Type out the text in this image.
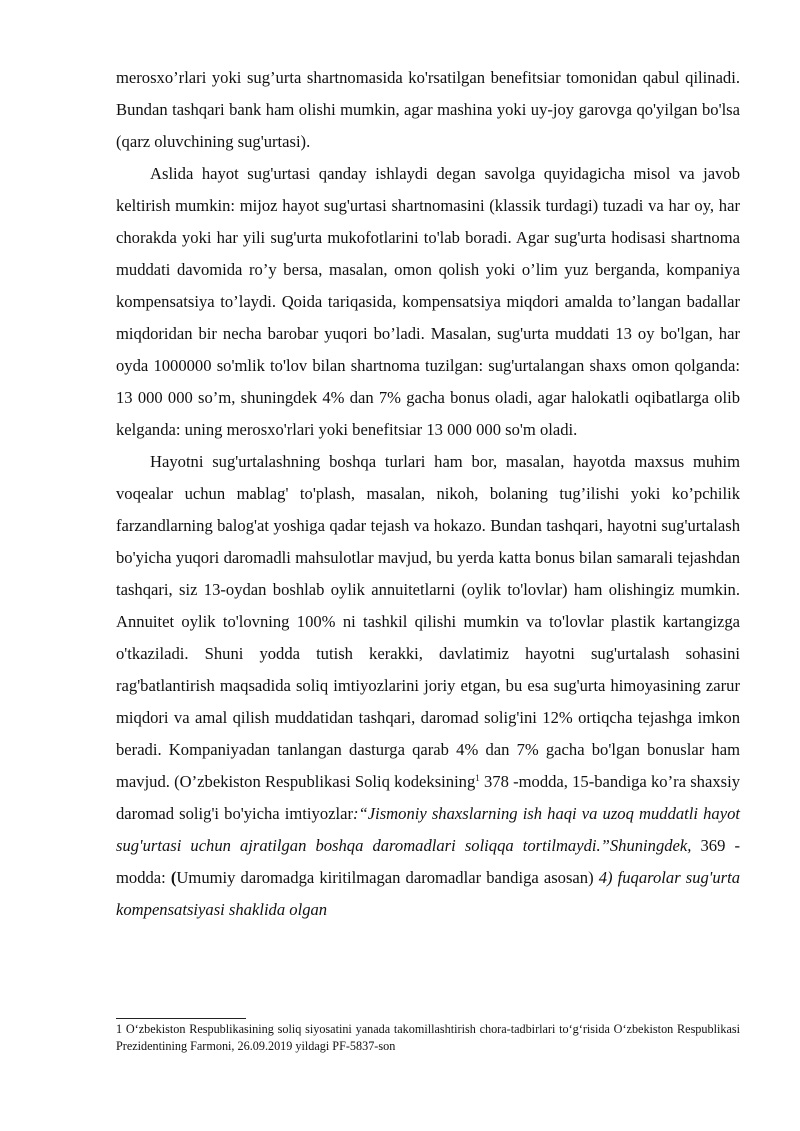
merosxo’rlari yoki sug’urta shartnomasida ko'rsatilgan benefitsiar tomonidan qabul qilinadi. Bundan tashqari bank ham olishi mumkin, agar mashina yoki uy-joy garovga qo'yilgan bo'lsa (qarz oluvchining sug'urtasi).

Aslida hayot sug'urtasi qanday ishlaydi degan savolga quyidagicha misol va javob keltirish mumkin: mijoz hayot sug'urtasi shartnomasini (klassik turdagi) tuzadi va har oy, har chorakda yoki har yili sug'urta mukofotlarini to'lab boradi. Agar sug'urta hodisasi shartnoma muddati davomida ro’y bersa, masalan, omon qolish yoki o’lim yuz berganda, kompaniya kompensatsiya to’laydi. Qoida tariqasida, kompensatsiya miqdori amalda to’langan badallar miqdoridan bir necha barobar yuqori bo’ladi. Masalan, sug'urta muddati 13 oy bo'lgan, har oyda 1000000 so'mlik to'lov bilan shartnoma tuzilgan: sug'urtalangan shaxs omon qolganda: 13 000 000 so’m, shuningdek 4% dan 7% gacha bonus oladi, agar halokatli oqibatlarga olib kelganda: uning merosxo'rlari yoki benefitsiar 13 000 000 so'm oladi.

Hayotni sug'urtalashning boshqa turlari ham bor, masalan, hayotda maxsus muhim voqealar uchun mablag' to'plash, masalan, nikoh, bolaning tug’ilishi yoki ko’pchilik farzandlarning balog'at yoshiga qadar tejash va hokazo. Bundan tashqari, hayotni sug'urtalash bo'yicha yuqori daromadli mahsulotlar mavjud, bu yerda katta bonus bilan samarali tejashdan tashqari, siz 13-oydan boshlab oylik annuitetlarni (oylik to'lovlar) ham olishingiz mumkin. Annuitet oylik to'lovning 100% ni tashkil qilishi mumkin va to'lovlar plastik kartangizga o'tkaziladi. Shuni yodda tutish kerakki, davlatimiz hayotni sug'urtalash sohasini rag'batlantirish maqsadida soliq imtiyozlarini joriy etgan, bu esa sug'urta himoyasining zarur miqdori va amal qilish muddatidan tashqari, daromad solig'ini 12% ortiqcha tejashga imkon beradi. Kompaniyadan tanlangan dasturga qarab 4% dan 7% gacha bo'lgan bonuslar ham mavjud. (O’zbekiston Respublikasi Soliq kodeksining$^1$ 378 -modda, 15-bandiga ko’ra shaxsiy daromad solig'i bo'yicha imtiyozlar:“Jismoniy shaxslarning ish haqi va uzoq muddatli hayot sug'urtasi uchun ajratilgan boshqa daromadlari soliqqa tortilmaydi.”Shuningdek, 369 -modda: (Umumiy daromadga kiritilmagan daromadlar bandiga asosan) 4) fuqarolar sug'urta kompensatsiyasi shaklida olgan

1 O‘zbekiston Respublikasining soliq siyosatini yanada takomillashtirish chora-tadbirlari to‘g‘risida O‘zbekiston Respublikasi Prezidentining Farmoni, 26.09.2019 yildagi PF-5837-son
